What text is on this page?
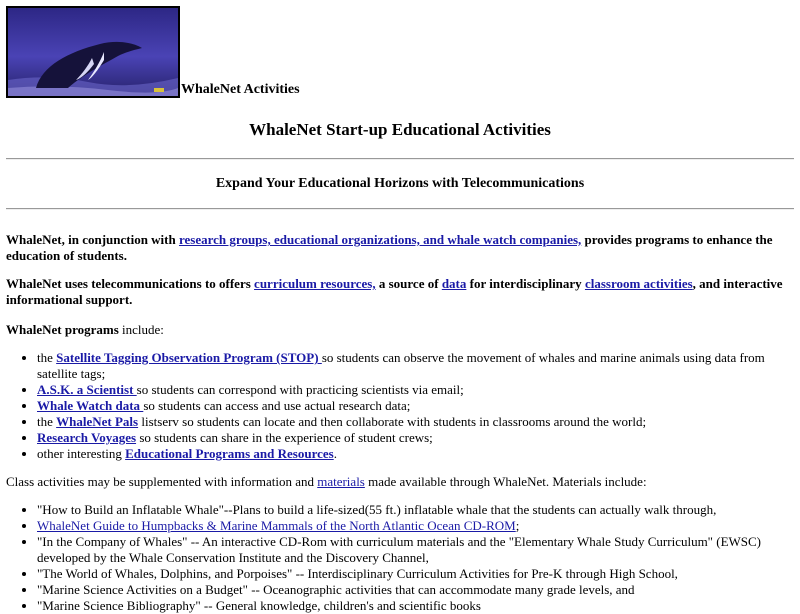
WhaleNet Activities
WhaleNet Start-up Educational Activities
Expand Your Educational Horizons with Telecommunications

WhaleNet, in conjunction with research groups, educational organizations, and whale watch companies, provides programs to enhance the education of students.

WhaleNet uses telecommunications to offers curriculum resources, a source of data for interdisciplinary classroom activities, and interactive informational support.

WhaleNet programs include:

• the Satellite Tagging Observation Program (STOP) so students can observe the movement of whales and marine animals using data from satellite tags;
• A.S.K. a Scientist so students can correspond with practicing scientists via email;
• Whale Watch data so students can access and use actual research data;
• the WhaleNet Pals listserv so students can locate and then collaborate with students in classrooms around the world;
• Research Voyages so students can share in the experience of student crews;
• other interesting Educational Programs and Resources.

Class activities may be supplemented with information and materials made available through WhaleNet. Materials include:

• "How to Build an Inflatable Whale"--Plans to build a life-sized(55 ft.) inflatable whale that the students can actually walk through,
• WhaleNet Guide to Humpbacks & Marine Mammals of the North Atlantic Ocean CD-ROM;
• "In the Company of Whales" -- An interactive CD-Rom with curriculum materials and the "Elementary Whale Study Curriculum" (EWSC) developed by the Whale Conservation Institute and the Discovery Channel,
• "The World of Whales, Dolphins, and Porpoises" -- Interdisciplinary Curriculum Activities for Pre-K through High School,
• "Marine Science Activities on a Budget" -- Oceanographic activities that can accommodate many grade levels, and
• "Marine Science Bibliography" -- General knowledge, children's and scientific books
